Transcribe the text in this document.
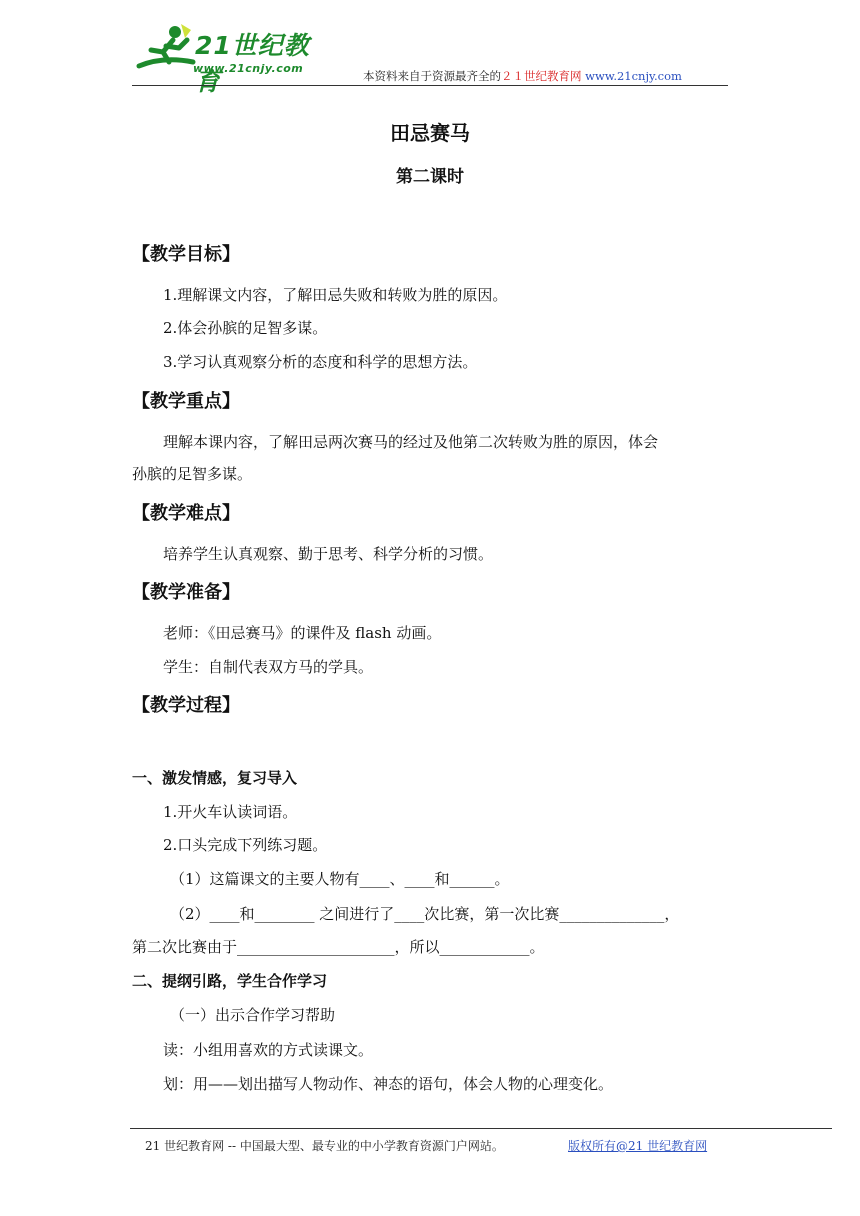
21世纪教育
www.21cnjy.com
本资料来自于资源最齐全的２１世纪教育网 www.21cnjy.com
田忌赛马
第二课时
【教学目标】
1.理解课文内容，了解田忌失败和转败为胜的原因。
2.体会孙膑的足智多谋。
3.学习认真观察分析的态度和科学的思想方法。
【教学重点】
理解本课内容，了解田忌两次赛马的经过及他第二次转败为胜的原因，体会
孙膑的足智多谋。
【教学难点】
培养学生认真观察、勤于思考、科学分析的习惯。
【教学准备】
老师：《田忌赛马》的课件及 flash 动画。
学生：自制代表双方马的学具。
【教学过程】
一、激发情感，复习导入
1.开火车认读词语。
2.口头完成下列练习题。
（1）这篇课文的主要人物有____、____和______。
（2）____和________ 之间进行了____次比赛，第一次比赛______________，
第二次比赛由于_____________________，所以____________。
二、提纲引路，学生合作学习
（一）出示合作学习帮助
读：小组用喜欢的方式读课文。
划：用——划出描写人物动作、神态的语句，体会人物的心理变化。
21 世纪教育网 -- 中国最大型、最专业的中小学教育资源门户网站。	版权所有@21 世纪教育网
